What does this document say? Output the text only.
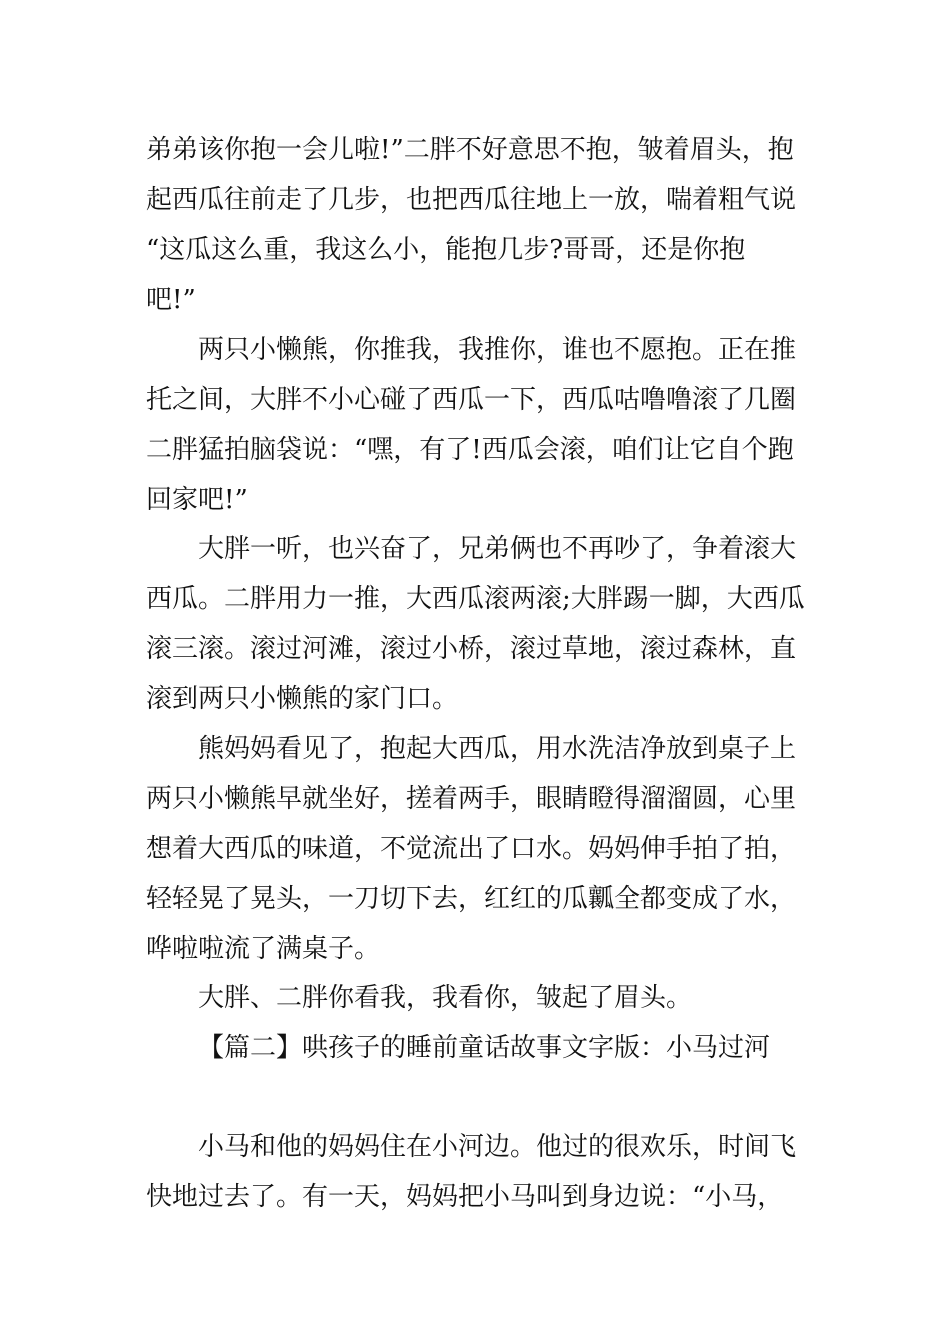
弟弟该你抱一会儿啦!”二胖不好意思不抱，皱着眉头，抱
起西瓜往前走了几步，也把西瓜往地上一放，喘着粗气说
“这瓜这么重，我这么小，能抱几步?哥哥，还是你抱
吧!”
两只小懒熊，你推我，我推你，谁也不愿抱。正在推
托之间，大胖不小心碰了西瓜一下，西瓜咕噜噜滚了几圈
二胖猛拍脑袋说：“嘿，有了!西瓜会滚，咱们让它自个跑
回家吧!”
大胖一听，也兴奋了，兄弟俩也不再吵了，争着滚大
西瓜。二胖用力一推，大西瓜滚两滚;大胖踢一脚，大西瓜
滚三滚。滚过河滩，滚过小桥，滚过草地，滚过森林，直
滚到两只小懒熊的家门口。
熊妈妈看见了，抱起大西瓜，用水洗洁净放到桌子上
两只小懒熊早就坐好，搓着两手，眼睛瞪得溜溜圆，心里
想着大西瓜的味道，不觉流出了口水。妈妈伸手拍了拍，
轻轻晃了晃头，一刀切下去，红红的瓜瓤全都变成了水，
哗啦啦流了满桌子。
大胖、二胖你看我，我看你，皱起了眉头。
【篇二】哄孩子的睡前童话故事文字版：小马过河
小马和他的妈妈住在小河边。他过的很欢乐，时间飞
快地过去了。有一天，妈妈把小马叫到身边说：“小马，
